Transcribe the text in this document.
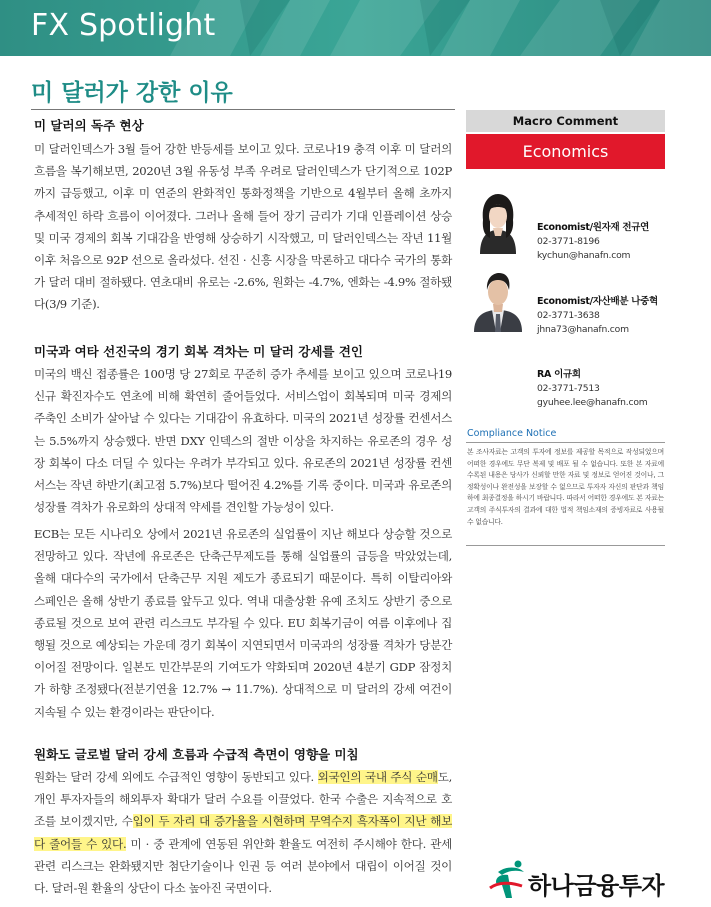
FX Spotlight
미 달러가 강한 이유
미 달러의 독주 현상
미 달러인덱스가 3월 들어 강한 반등세를 보이고 있다. 코로나19 충격 이후 미 달러의 흐름을 복기해보면, 2020년 3월 유동성 부족 우려로 달러인덱스가 단기적으로 102P까지 급등했고, 이후 미 연준의 완화적인 통화정책을 기반으로 4월부터 올해 초까지 추세적인 하락 흐름이 이어졌다. 그러나 올해 들어 장기 금리가 기대 인플레이션 상승 및 미국 경제의 회복 기대감을 반영해 상승하기 시작했고, 미 달러인덱스는 작년 11월 이후 처음으로 92P 선으로 올라섰다. 선진 · 신흥 시장을 막론하고 대다수 국가의 통화가 달러 대비 절하됐다. 연초대비 유로는 -2.6%, 원화는 -4.7%, 엔화는 -4.9% 절하됐다(3/9 기준).
미국과 여타 선진국의 경기 회복 격차는 미 달러 강세를 견인
미국의 백신 접종률은 100명 당 27회로 꾸준히 증가 추세를 보이고 있으며 코로나19 신규 확진자수도 연초에 비해 확연히 줄어들었다. 서비스업이 회복되며 미국 경제의 주축인 소비가 살아날 수 있다는 기대감이 유효하다. 미국의 2021년 성장률 컨센서스는 5.5%까지 상승했다. 반면 DXY 인덱스의 절반 이상을 차지하는 유로존의 경우 성장 회복이 다소 더딜 수 있다는 우려가 부각되고 있다. 유로존의 2021년 성장률 컨센서스는 작년 하반기(최고점 5.7%)보다 떨어진 4.2%를 기록 중이다. 미국과 유로존의 성장률 격차가 유로화의 상대적 약세를 견인할 가능성이 있다.
ECB는 모든 시나리오 상에서 2021년 유로존의 실업률이 지난 해보다 상승할 것으로 전망하고 있다. 작년에 유로존은 단축근무제도를 통해 실업률의 급등을 막았었는데, 올해 대다수의 국가에서 단축근무 지원 제도가 종료되기 때문이다. 특히 이탈리아와 스페인은 올해 상반기 종료를 앞두고 있다. 역내 대출상환 유예 조치도 상반기 중으로 종료될 것으로 보여 관련 리스크도 부각될 수 있다. EU 회복기금이 여름 이후에나 집행될 것으로 예상되는 가운데 경기 회복이 지연되면서 미국과의 성장률 격차가 당분간 이어질 전망이다. 일본도 민간부문의 기여도가 약화되며 2020년 4분기 GDP 잠정치가 하향 조정됐다(전분기연율 12.7% → 11.7%). 상대적으로 미 달러의 강세 여건이 지속될 수 있는 환경이라는 판단이다.
원화도 글로벌 달러 강세 흐름과 수급적 측면이 영향을 미침
원화는 달러 강세 외에도 수급적인 영향이 동반되고 있다. 외국인의 국내 주식 순매도, 개인 투자자들의 해외투자 확대가 달러 수요를 이끌었다. 한국 수출은 지속적으로 호조를 보이겠지만, 수입이 두 자리 대 증가율을 시현하며 무역수지 흑자폭이 지난 해보다 줄어들 수 있다. 미 · 중 관계에 연동된 위안화 환율도 여전히 주시해야 한다. 관세 관련 리스크는 완화됐지만 첨단기술이나 인권 등 여러 분야에서 대립이 이어질 것이다. 달러-원 환율의 상단이 다소 높아진 국면이다.
Macro Comment
Economics
Economist/원자재 전규연
02-3771-8196
kychun@hanafn.com
Economist/자산배분 나중혁
02-3771-3638
jhna73@hanafn.com
RA 이규희
02-3771-7513
gyuhee.lee@hanafn.com
Compliance Notice
본 조사자료는 고객의 투자에 정보를 제공할 목적으로 작성되었으며 어떠한 경우에도 무단 복제 및 배포 될 수 없습니다. 또한 본 자료에 수록된 내용은 당사가 신뢰할 만한 자료 및 정보로 얻어진 것이나, 그 정확성이나 완전성을 보장할 수 없으므로 투자자 자신의 판단과 책임하에 최종결정을 하시기 바랍니다. 따라서 어떠한 경우에도 본 자료는 고객의 주식투자의 결과에 대한 법적 책임소재의 증빙자료로 사용될 수 없습니다.
하나금융투자
